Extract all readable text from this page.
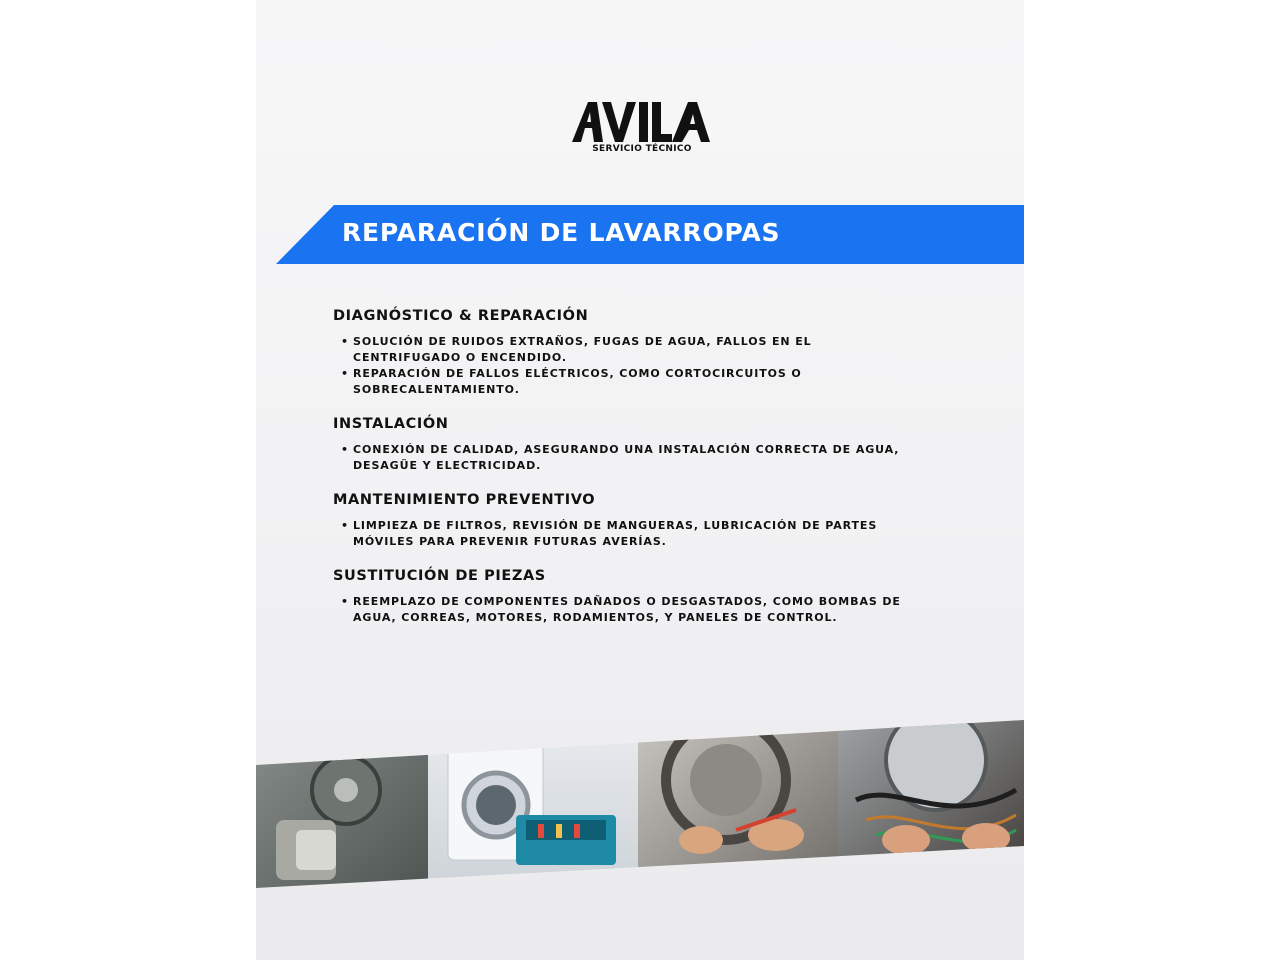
SERVICIO TÉCNICO
REPARACIÓN DE LAVARROPAS
DIAGNÓSTICO & REPARACIÓN
• SOLUCIÓN DE RUIDOS EXTRAÑOS, FUGAS DE AGUA, FALLOS EN EL CENTRIFUGADO O ENCENDIDO.
• REPARACIÓN DE FALLOS ELÉCTRICOS, COMO CORTOCIRCUITOS O SOBRECALENTAMIENTO.
INSTALACIÓN
• CONEXIÓN DE CALIDAD, ASEGURANDO UNA INSTALACIÓN CORRECTA DE AGUA, DESAGÜE Y ELECTRICIDAD.
MANTENIMIENTO PREVENTIVO
• LIMPIEZA DE FILTROS, REVISIÓN DE MANGUERAS, LUBRICACIÓN DE PARTES MÓVILES PARA PREVENIR FUTURAS AVERÍAS.
SUSTITUCIÓN DE PIEZAS
• REEMPLAZO DE COMPONENTES DAÑADOS O DESGASTADOS, COMO BOMBAS DE AGUA, CORREAS, MOTORES, RODAMIENTOS, Y PANELES DE CONTROL.
